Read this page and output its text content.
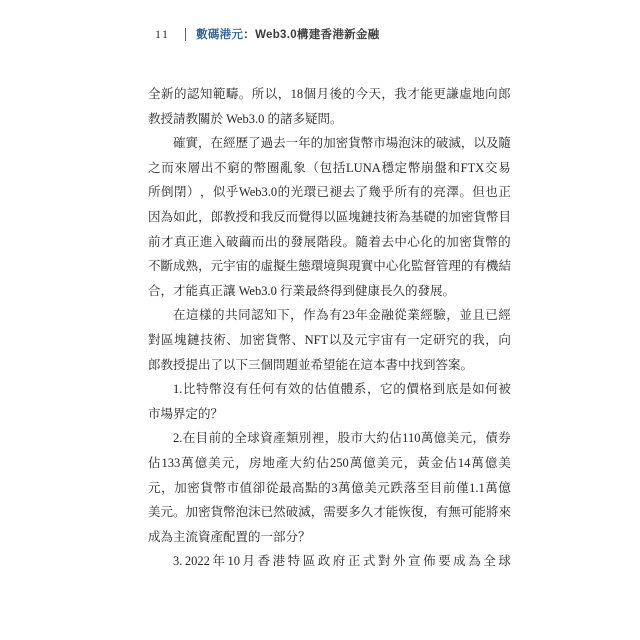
11 數碼港元：Web3.0構建香港新金融
全 新 的 認 知 範 疇 。 所 以 ， 18 個 月 後 的 今 天 ， 我 才 能 更 謙 虛 地 向 郎
教授請教關於 Web3.0 的諸多疑問。
確 實 ， 在 經 歷 了 過 去 一 年 的 加 密 貨 幣 市 場 泡 沫 的 破 滅 ， 以 及 隨
之 而 來 層 出 不 窮 的 幣 圈 亂 象 （ 包 括 LUNA 穩 定 幣 崩 盤 和 FTX 交 易
所 倒 閉 ） ， 似 乎 Web3.0 的 光 環 已 褪 去 了 幾 乎 所 有 的 亮 澤 。 但 也 正
因 為 如 此 ， 郎 教 授 和 我 反 而 覺 得 以 區 塊 鏈 技 術 為 基 礎 的 加 密 貨 幣 目
前 才 真 正 進 入 破 繭 而 出 的 發 展 階 段 。 隨 着 去 中 心 化 的 加 密 貨 幣 的
不 斷 成 熟 ， 元 宇 宙 的 虛 擬 生 態 環 境 與 現 實 中 心 化 監 督 管 理 的 有 機 結
合，才能真正讓 Web3.0 行業最終得到健康長久的發展。
在 這 樣 的 共 同 認 知 下 ， 作 為 有 23 年 金 融 從 業 經 驗 ， 並 且 已 經
對 區 塊 鏈 技 術 、 加 密 貨 幣 、 NFT 以 及 元 宇 宙 有 一 定 研 究 的 我 ， 向
郎教授提出了以下三個問題並希望能在這本書中找到答案。
1. 比 特 幣 沒 有 任 何 有 效 的 估 值 體 系 ， 它 的 價 格 到 底 是 如 何 被
市場界定的？
2. 在 目 前 的 全 球 資 產 類 別 裡 ， 股 市 大 約 佔 110 萬 億 美 元 ， 債 券
佔 133 萬 億 美 元 ， 房 地 產 大 約 佔 250 萬 億 美 元 ， 黃 金 佔 14 萬 億 美
元 ， 加 密 貨 幣 市 值 卻 從 最 高 點 的 3 萬 億 美 元 跌 落 至 目 前 僅 1.1 萬 億
美 元 。 加 密 貨 幣 泡 沫 已 然 破 滅 ， 需 要 多 久 才 能 恢 復 ， 有 無 可 能 將 來
成為主流資產配置的一部分？
3. 2022 年 10 月 香 港 特 區 政 府 正 式 對 外 宣 佈 要 成 為 全 球
